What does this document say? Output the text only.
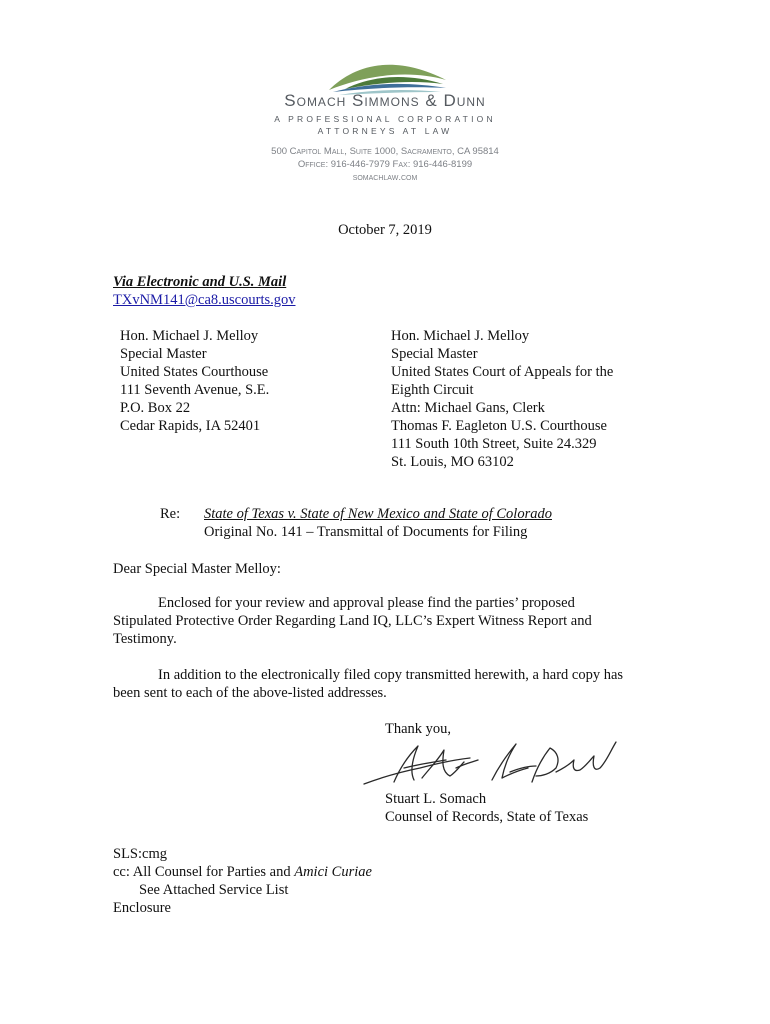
Somach Simmons & Dunn
A PROFESSIONAL CORPORATION
ATTORNEYS AT LAW
500 Capitol Mall, Suite 1000, Sacramento, CA 95814
Office: 916-446-7979 Fax: 916-446-8199
somachlaw.com
October 7, 2019
Via Electronic and U.S. Mail
TXvNM141@ca8.uscourts.gov
Hon. Michael J. Melloy
Special Master
United States Courthouse
111 Seventh Avenue, S.E.
P.O. Box 22
Cedar Rapids, IA 52401
Hon. Michael J. Melloy
Special Master
United States Court of Appeals for the
Eighth Circuit
Attn: Michael Gans, Clerk
Thomas F. Eagleton U.S. Courthouse
111 South 10th Street, Suite 24.329
St. Louis, MO 63102
Re: State of Texas v. State of New Mexico and State of Colorado
Original No. 141 – Transmittal of Documents for Filing
Dear Special Master Melloy:
Enclosed for your review and approval please find the parties’ proposed
Stipulated Protective Order Regarding Land IQ, LLC’s Expert Witness Report and
Testimony.
In addition to the electronically filed copy transmitted herewith, a hard copy has
been sent to each of the above-listed addresses.
Thank you,
Stuart L. Somach
Counsel of Records, State of Texas
SLS:cmg
cc: All Counsel for Parties and Amici Curiae
See Attached Service List
Enclosure
